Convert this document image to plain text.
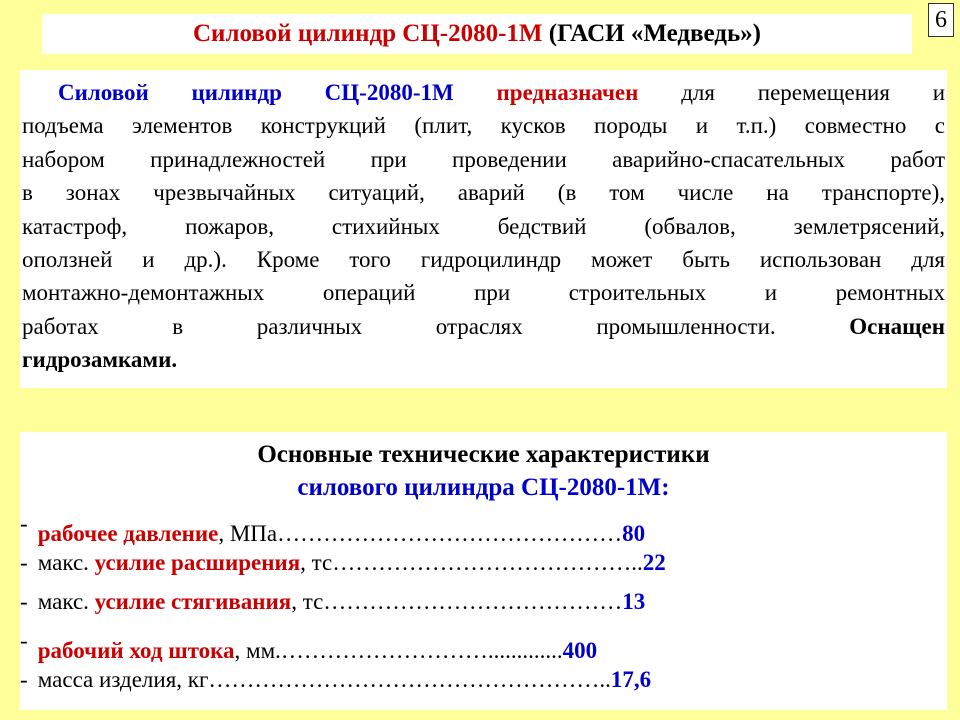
6
Силовой цилиндр СЦ-2080-1М
(ГАСИ «Медведь»)
Силовой цилиндр СЦ-2080-1М предназначен для перемещения и
подъема элементов конструкций (плит, кусков породы и т.п.) совместно с
набором принадлежностей при проведении аварийно-спасательных работ
в зонах чрезвычайных ситуаций, аварий (в том числе на транспорте),
катастроф, пожаров, стихийных бедствий (обвалов, землетрясений,
оползней и др.). Кроме того гидроцилиндр может быть использован для
монтажно-демонтажных операций при строительных и ремонтных
работах в различных отраслях промышленности.	Оснащен
гидрозамками.
Основные технические характеристики
силового цилиндра СЦ-2080-1М:
- рабочее давление, МПа………………………………………80
- макс. усилие расширения, тс…………………………………..22
- макс. усилие стягивания, тс…………………………………13
- рабочий ход штока, мм.……………………….............400
- масса изделия, кг……………………………………………..17,6
